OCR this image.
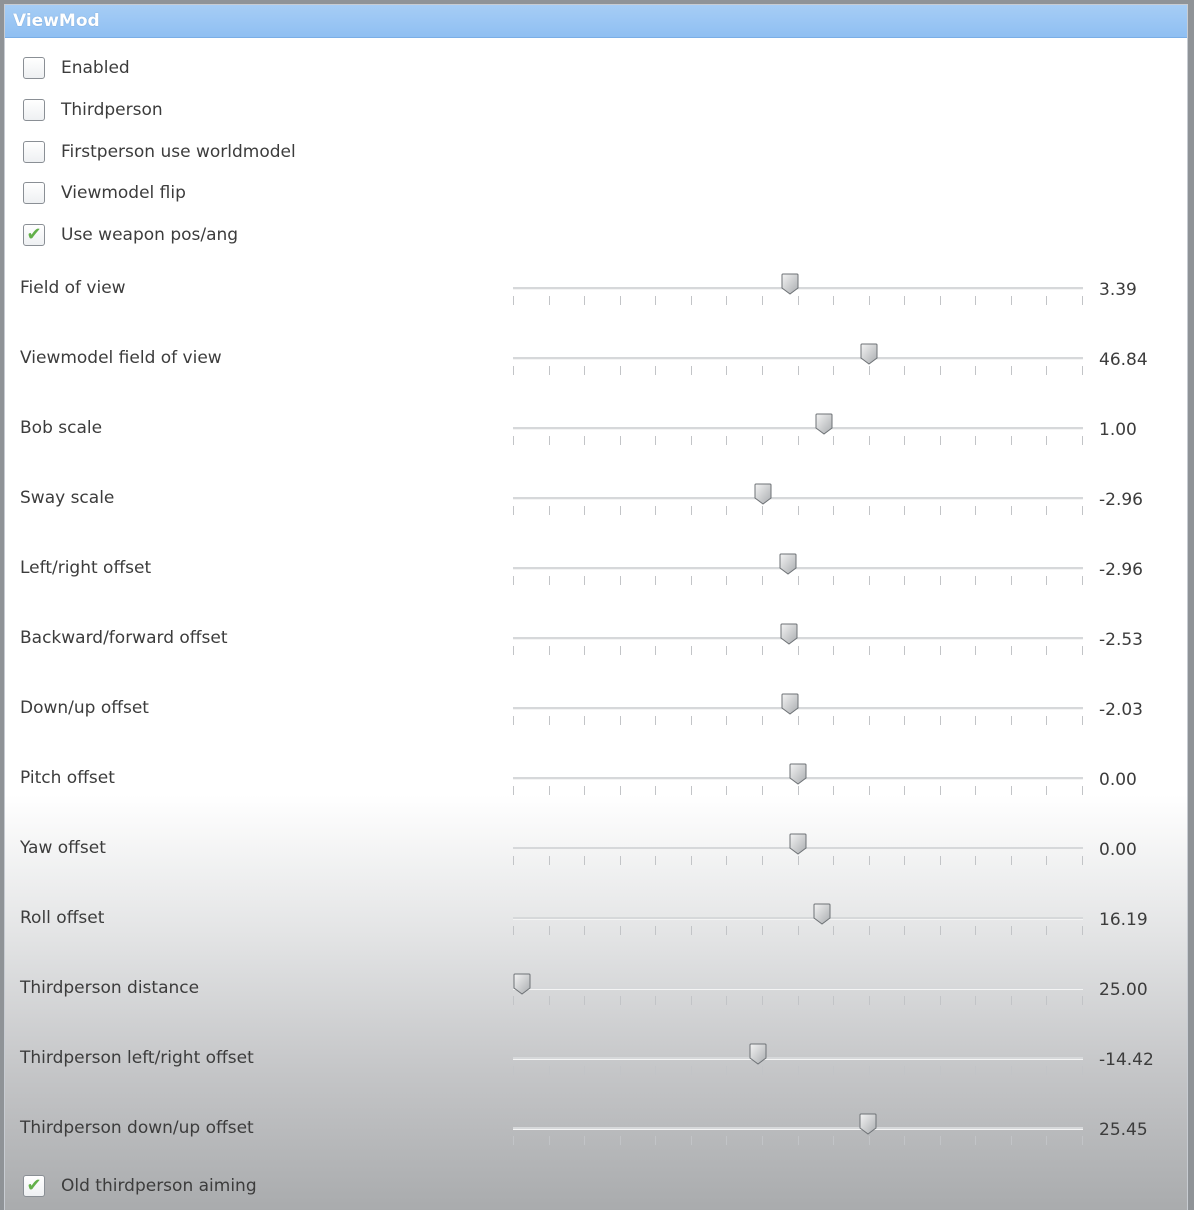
ViewMod
Enabled
Thirdperson
Firstperson use worldmodel
Viewmodel flip
✔ Use weapon pos/ang
Field of view	3.39
Viewmodel field of view	46.84
Bob scale	1.00
Sway scale	-2.96
Left/right offset	-2.96
Backward/forward offset	-2.53
Down/up offset	-2.03
Pitch offset	0.00
Yaw offset	0.00
Roll offset	16.19
Thirdperson distance	25.00
Thirdperson left/right offset	-14.42
Thirdperson down/up offset	25.45
✔ Old thirdperson aiming
